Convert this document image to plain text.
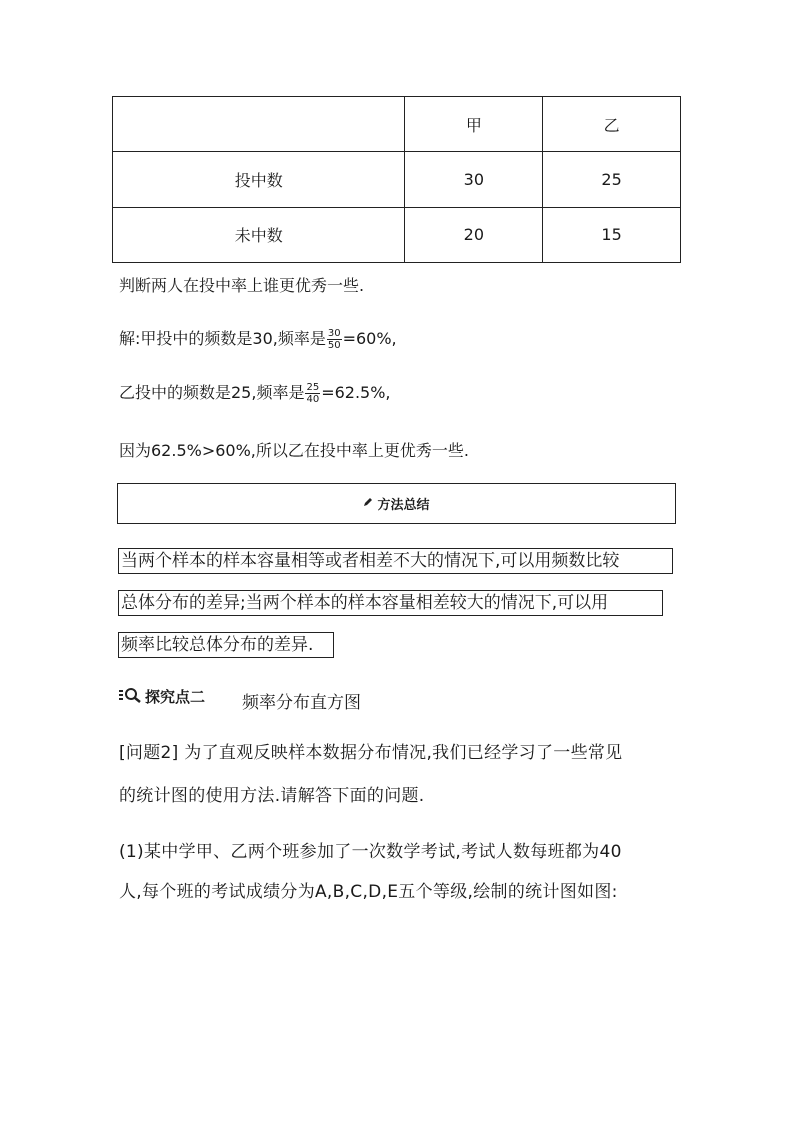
	甲	乙
投中数	30	25
未中数	20	15
判断两人在投中率上谁更优秀一些.
解:甲投中的频数是30,频率是 $\frac{30}{50} =60\%$,
乙投中的频数是25,频率是 $\frac{25}{40} =62.5\%$,
因为62.5%>60%,所以乙在投中率上更优秀一些.
方法总结
当两个样本的样本容量相等或者相差不大的情况下,可以用频数比较
总体分布的差异;当两个样本的样本容量相差较大的情况下,可以用
频率比较总体分布的差异.
探究点二 频率分布直方图
[问题2] 为了直观反映样本数据分布情况,我们已经学习了一些常见
的统计图的使用方法.请解答下面的问题.
(1)某中学甲、乙两个班参加了一次数学考试,考试人数每班都为40
人,每个班的考试成绩分为A,B,C,D,E五个等级,绘制的统计图如图:
